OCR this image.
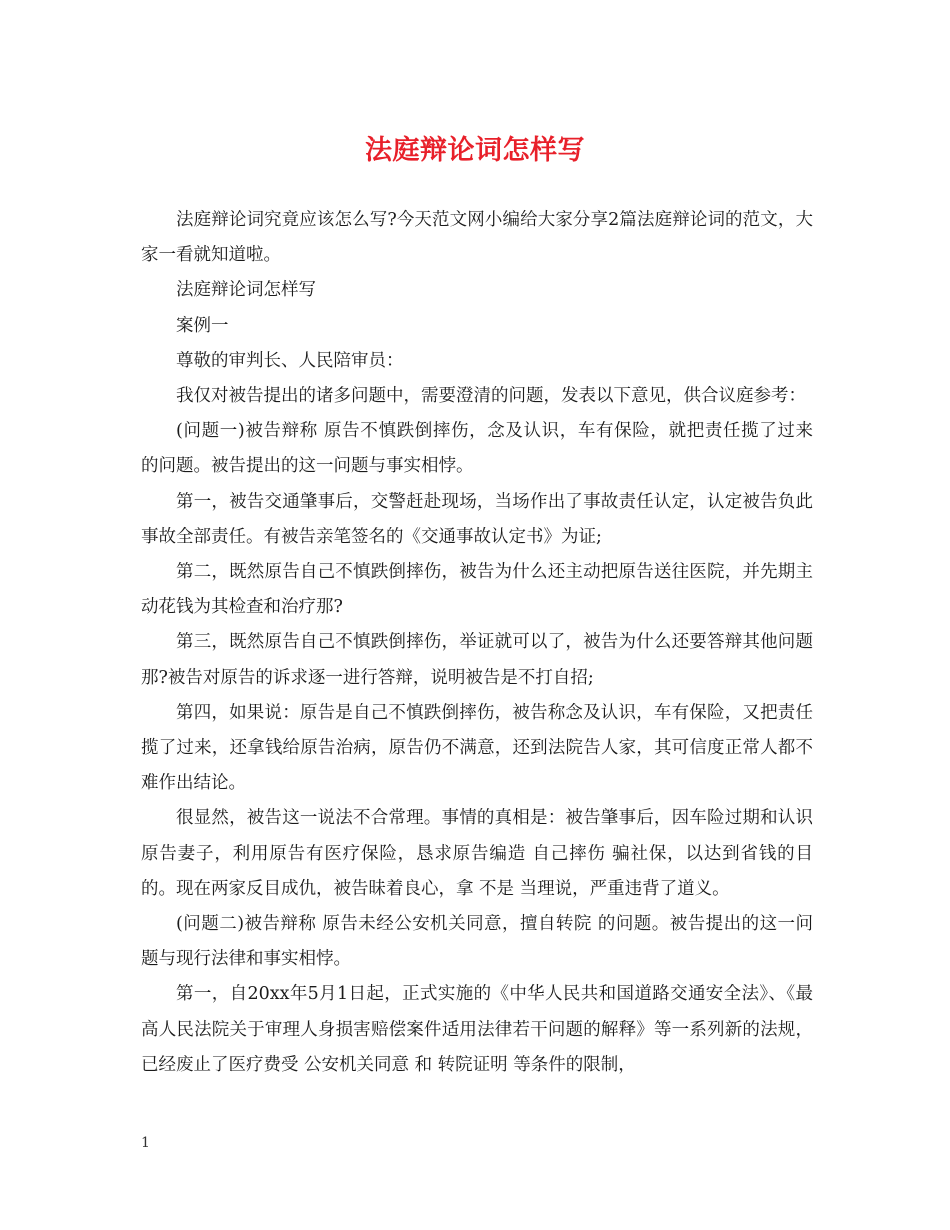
法庭辩论词怎样写

法庭辩论词究竟应该怎么写?今天范文网小编给大家分享2篇法庭辩论词的范文，大家一看就知道啦。

法庭辩论词怎样写

案例一

尊敬的审判长、人民陪审员：

我仅对被告提出的诸多问题中，需要澄清的问题，发表以下意见，供合议庭参考：

(问题一)被告辩称 原告不慎跌倒摔伤，念及认识，车有保险，就把责任揽了过来 的问题。被告提出的这一问题与事实相悖。

第一，被告交通肇事后，交警赶赴现场，当场作出了事故责任认定，认定被告负此事故全部责任。有被告亲笔签名的《交通事故认定书》为证;

第二，既然原告自己不慎跌倒摔伤，被告为什么还主动把原告送往医院，并先期主动花钱为其检查和治疗那?

第三，既然原告自己不慎跌倒摔伤，举证就可以了，被告为什么还要答辩其他问题那?被告对原告的诉求逐一进行答辩，说明被告是不打自招;

第四，如果说：原告是自己不慎跌倒摔伤，被告称念及认识，车有保险，又把责任揽了过来，还拿钱给原告治病，原告仍不满意，还到法院告人家，其可信度正常人都不难作出结论。

很显然，被告这一说法不合常理。事情的真相是：被告肇事后，因车险过期和认识原告妻子，利用原告有医疗保险，恳求原告编造 自己摔伤 骗社保，以达到省钱的目的。现在两家反目成仇，被告昧着良心，拿 不是 当理说，严重违背了道义。

(问题二)被告辩称 原告未经公安机关同意，擅自转院 的问题。被告提出的这一问题与现行法律和事实相悖。

第一，自20xx年5月1日起，正式实施的《中华人民共和国道路交通安全法》、《最高人民法院关于审理人身损害赔偿案件适用法律若干问题的解释》等一系列新的法规，已经废止了医疗费受 公安机关同意 和 转院证明 等条件的限制，

1
